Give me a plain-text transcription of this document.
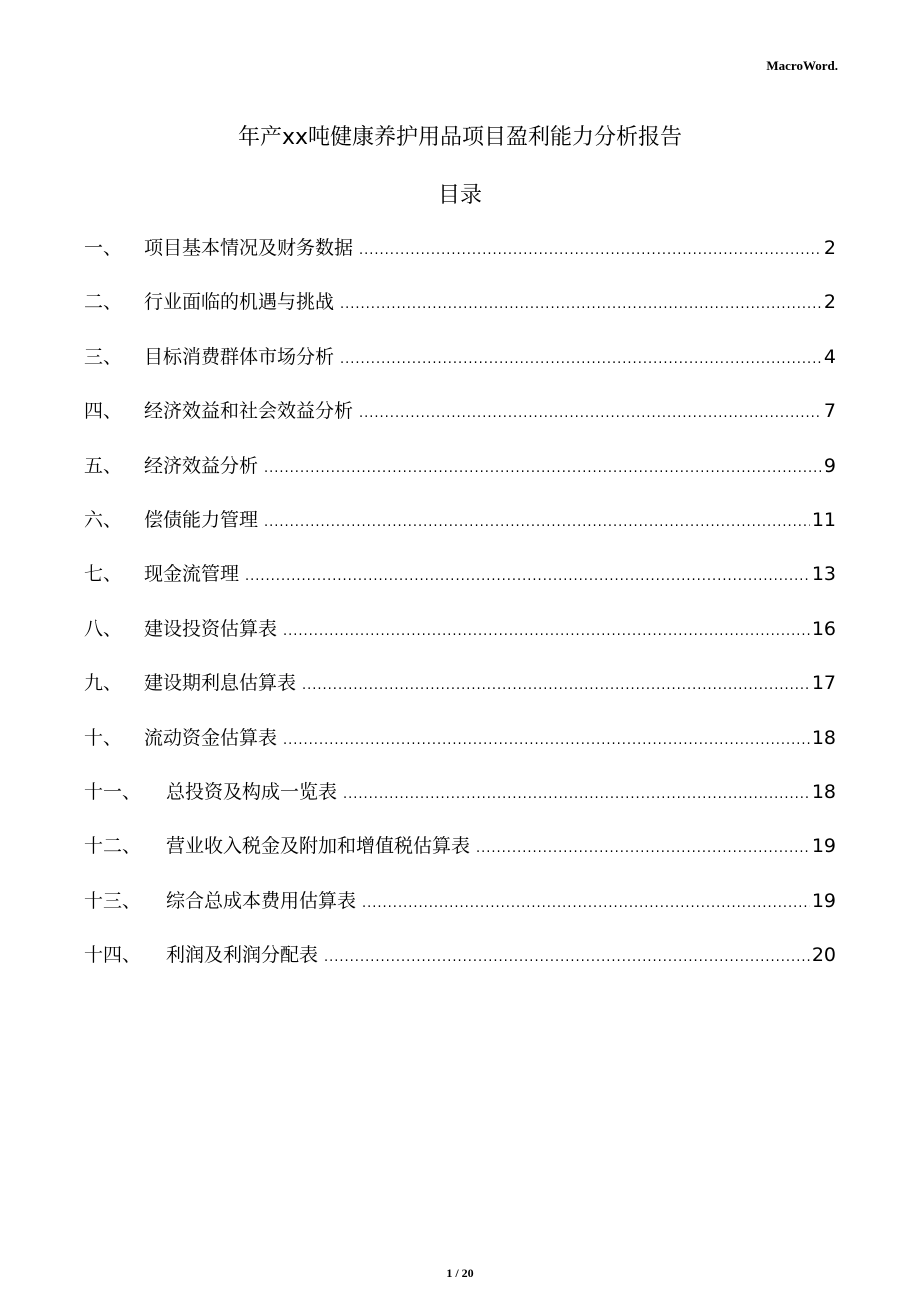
MacroWord.
年产xx吨健康养护用品项目盈利能力分析报告
目录
一、	项目基本情况及财务数据 .....	2
二、	行业面临的机遇与挑战 .....	2
三、	目标消费群体市场分析 .....	4
四、	经济效益和社会效益分析 .....	7
五、	经济效益分析 .....	9
六、	偿债能力管理 .....	11
七、	现金流管理 .....	13
八、	建设投资估算表 .....	16
九、	建设期利息估算表 .....	17
十、	流动资金估算表 .....	18
十一、	总投资及构成一览表 .....	18
十二、	营业收入税金及附加和增值税估算表 .....	19
十三、	综合总成本费用估算表 .....	19
十四、	利润及利润分配表 .....	20
1 / 20
